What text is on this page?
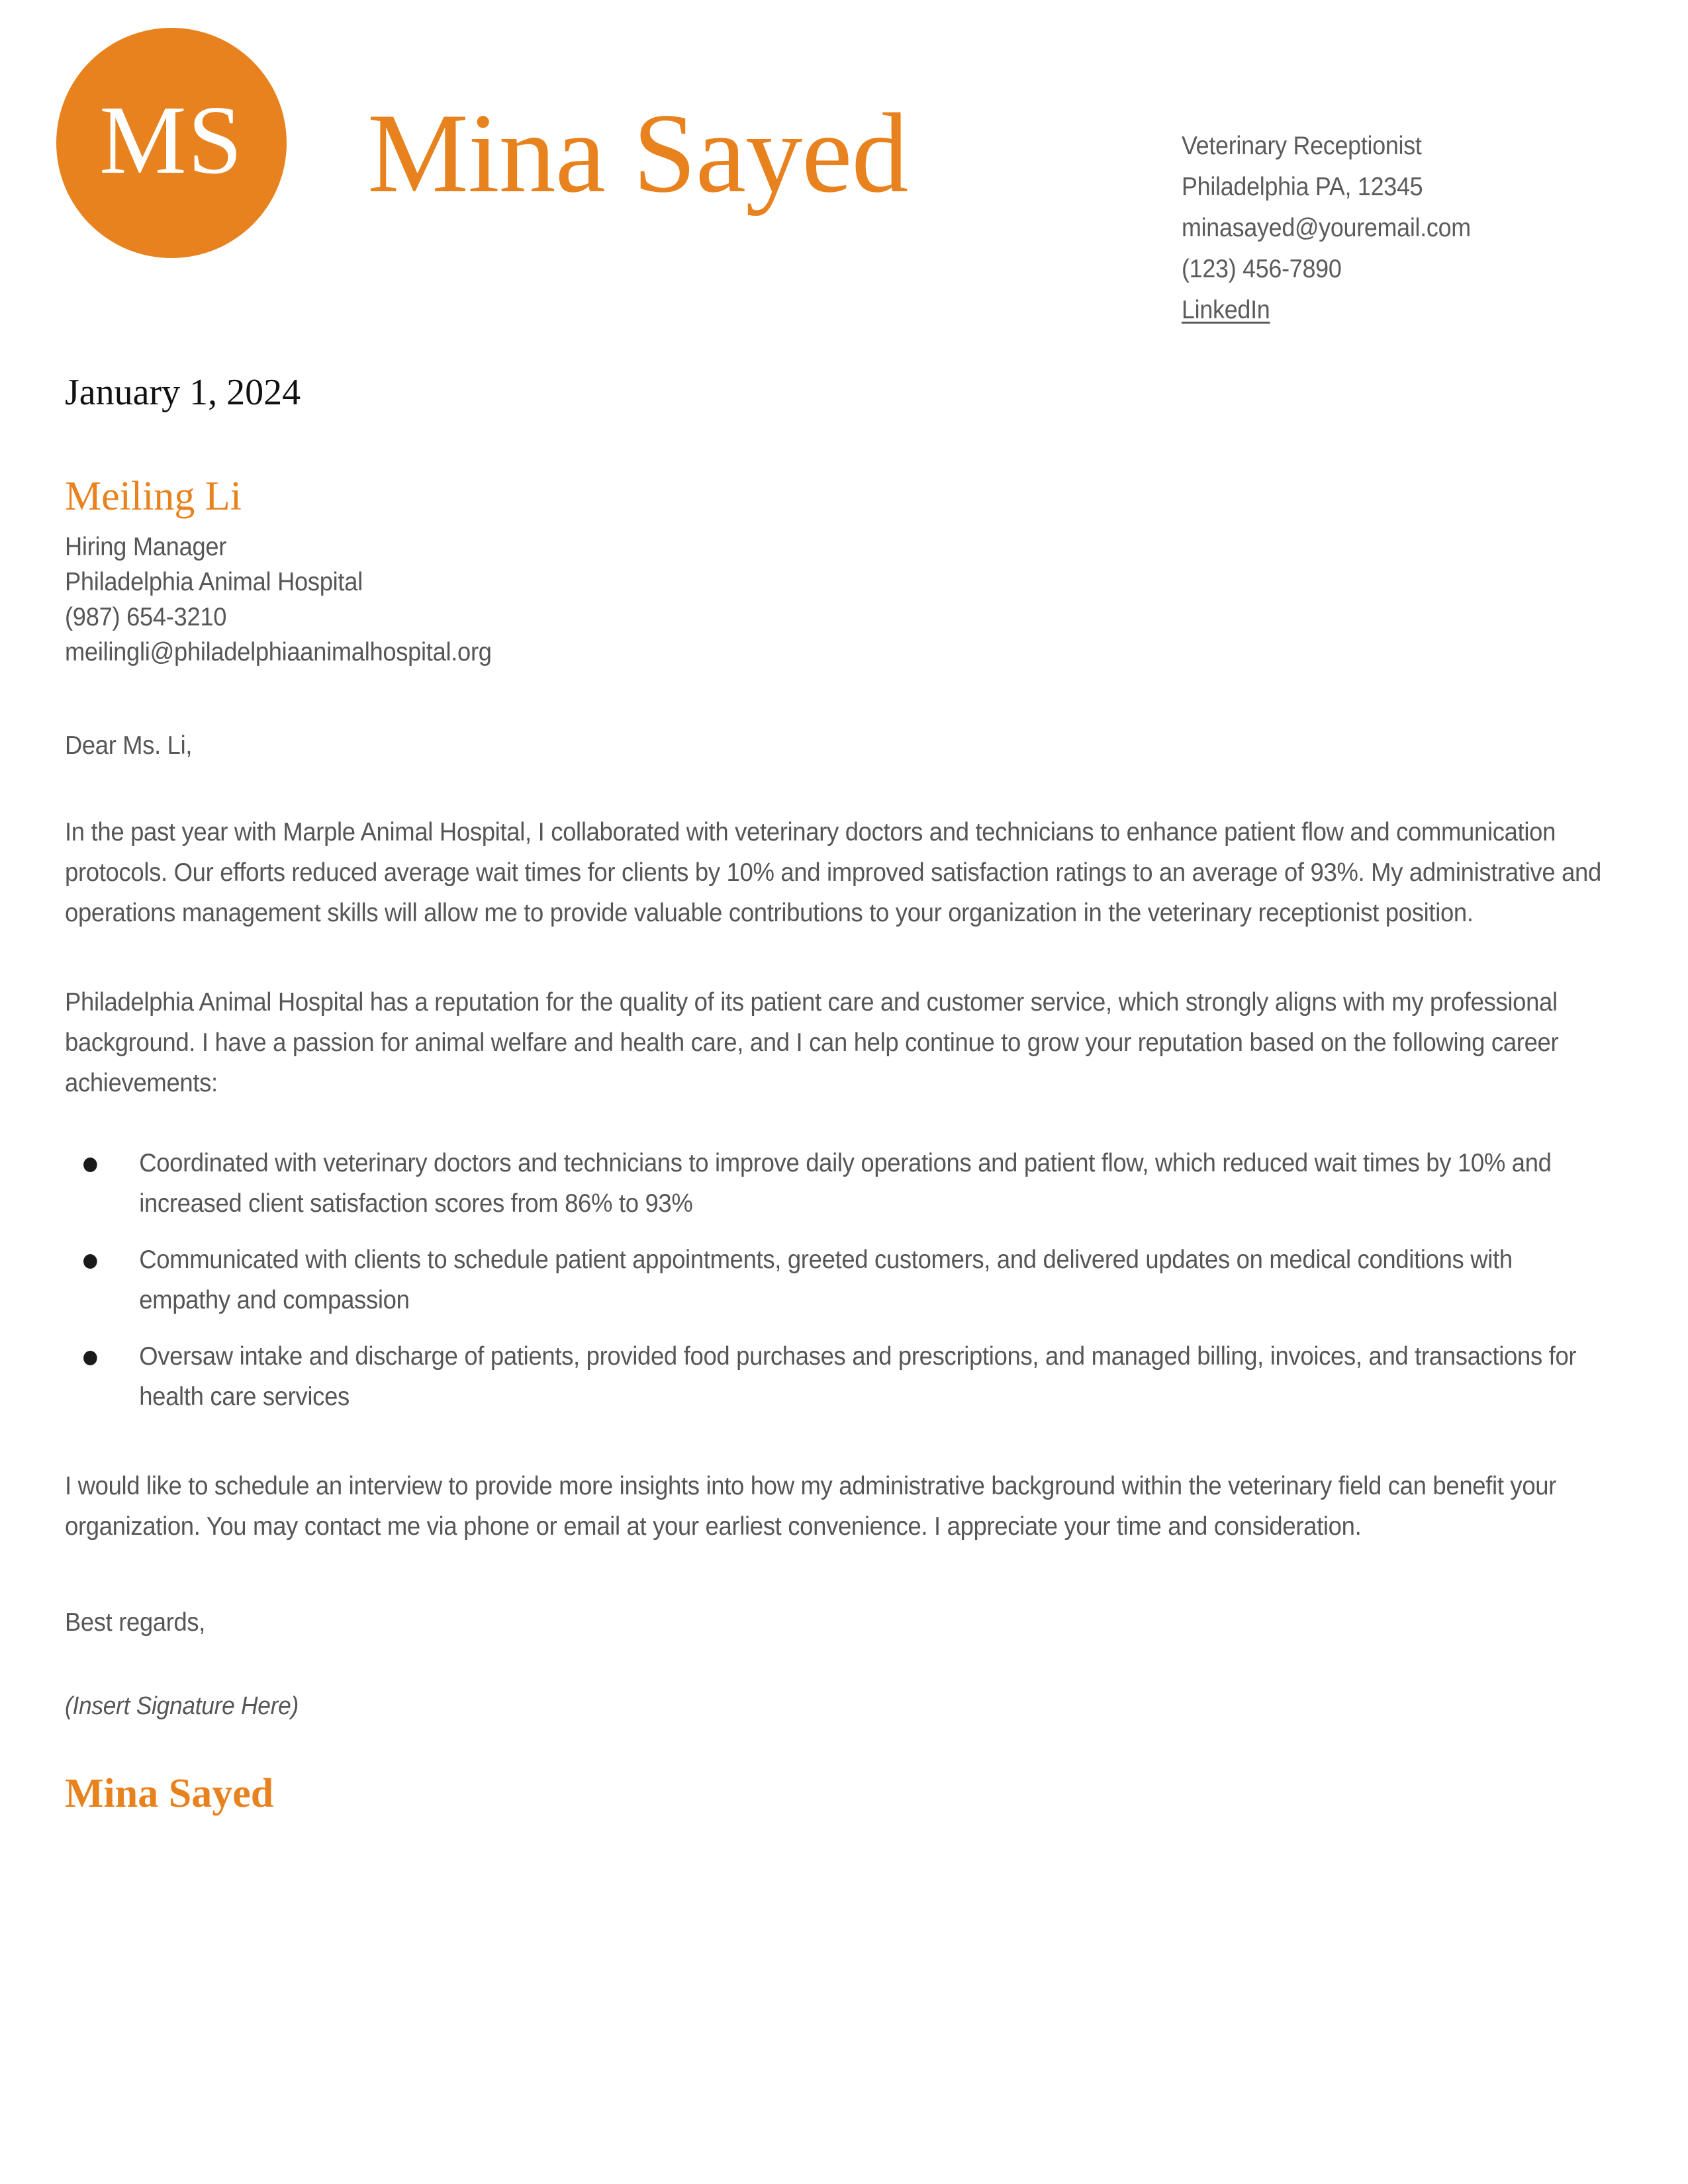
MS Mina Sayed	Veterinary Receptionist
Philadelphia PA, 12345
minasayed@youremail.com
(123) 456-7890
LinkedIn
January 1, 2024
Meiling Li
Hiring Manager
Philadelphia Animal Hospital
(987) 654-3210
meilingli@philadelphiaanimalhospital.org
Dear Ms. Li,
In the past year with Marple Animal Hospital, I collaborated with veterinary doctors and technicians to enhance patient flow and communication protocols. Our efforts reduced average wait times for clients by 10% and improved satisfaction ratings to an average of 93%. My administrative and operations management skills will allow me to provide valuable contributions to your organization in the veterinary receptionist position.
Philadelphia Animal Hospital has a reputation for the quality of its patient care and customer service, which strongly aligns with my professional background. I have a passion for animal welfare and health care, and I can help continue to grow your reputation based on the following career achievements:
Coordinated with veterinary doctors and technicians to improve daily operations and patient flow, which reduced wait times by 10% and increased client satisfaction scores from 86% to 93%
Communicated with clients to schedule patient appointments, greeted customers, and delivered updates on medical conditions with empathy and compassion
Oversaw intake and discharge of patients, provided food purchases and prescriptions, and managed billing, invoices, and transactions for health care services
I would like to schedule an interview to provide more insights into how my administrative background within the veterinary field can benefit your organization. You may contact me via phone or email at your earliest convenience. I appreciate your time and consideration.
Best regards,
(Insert Signature Here)
Mina Sayed
